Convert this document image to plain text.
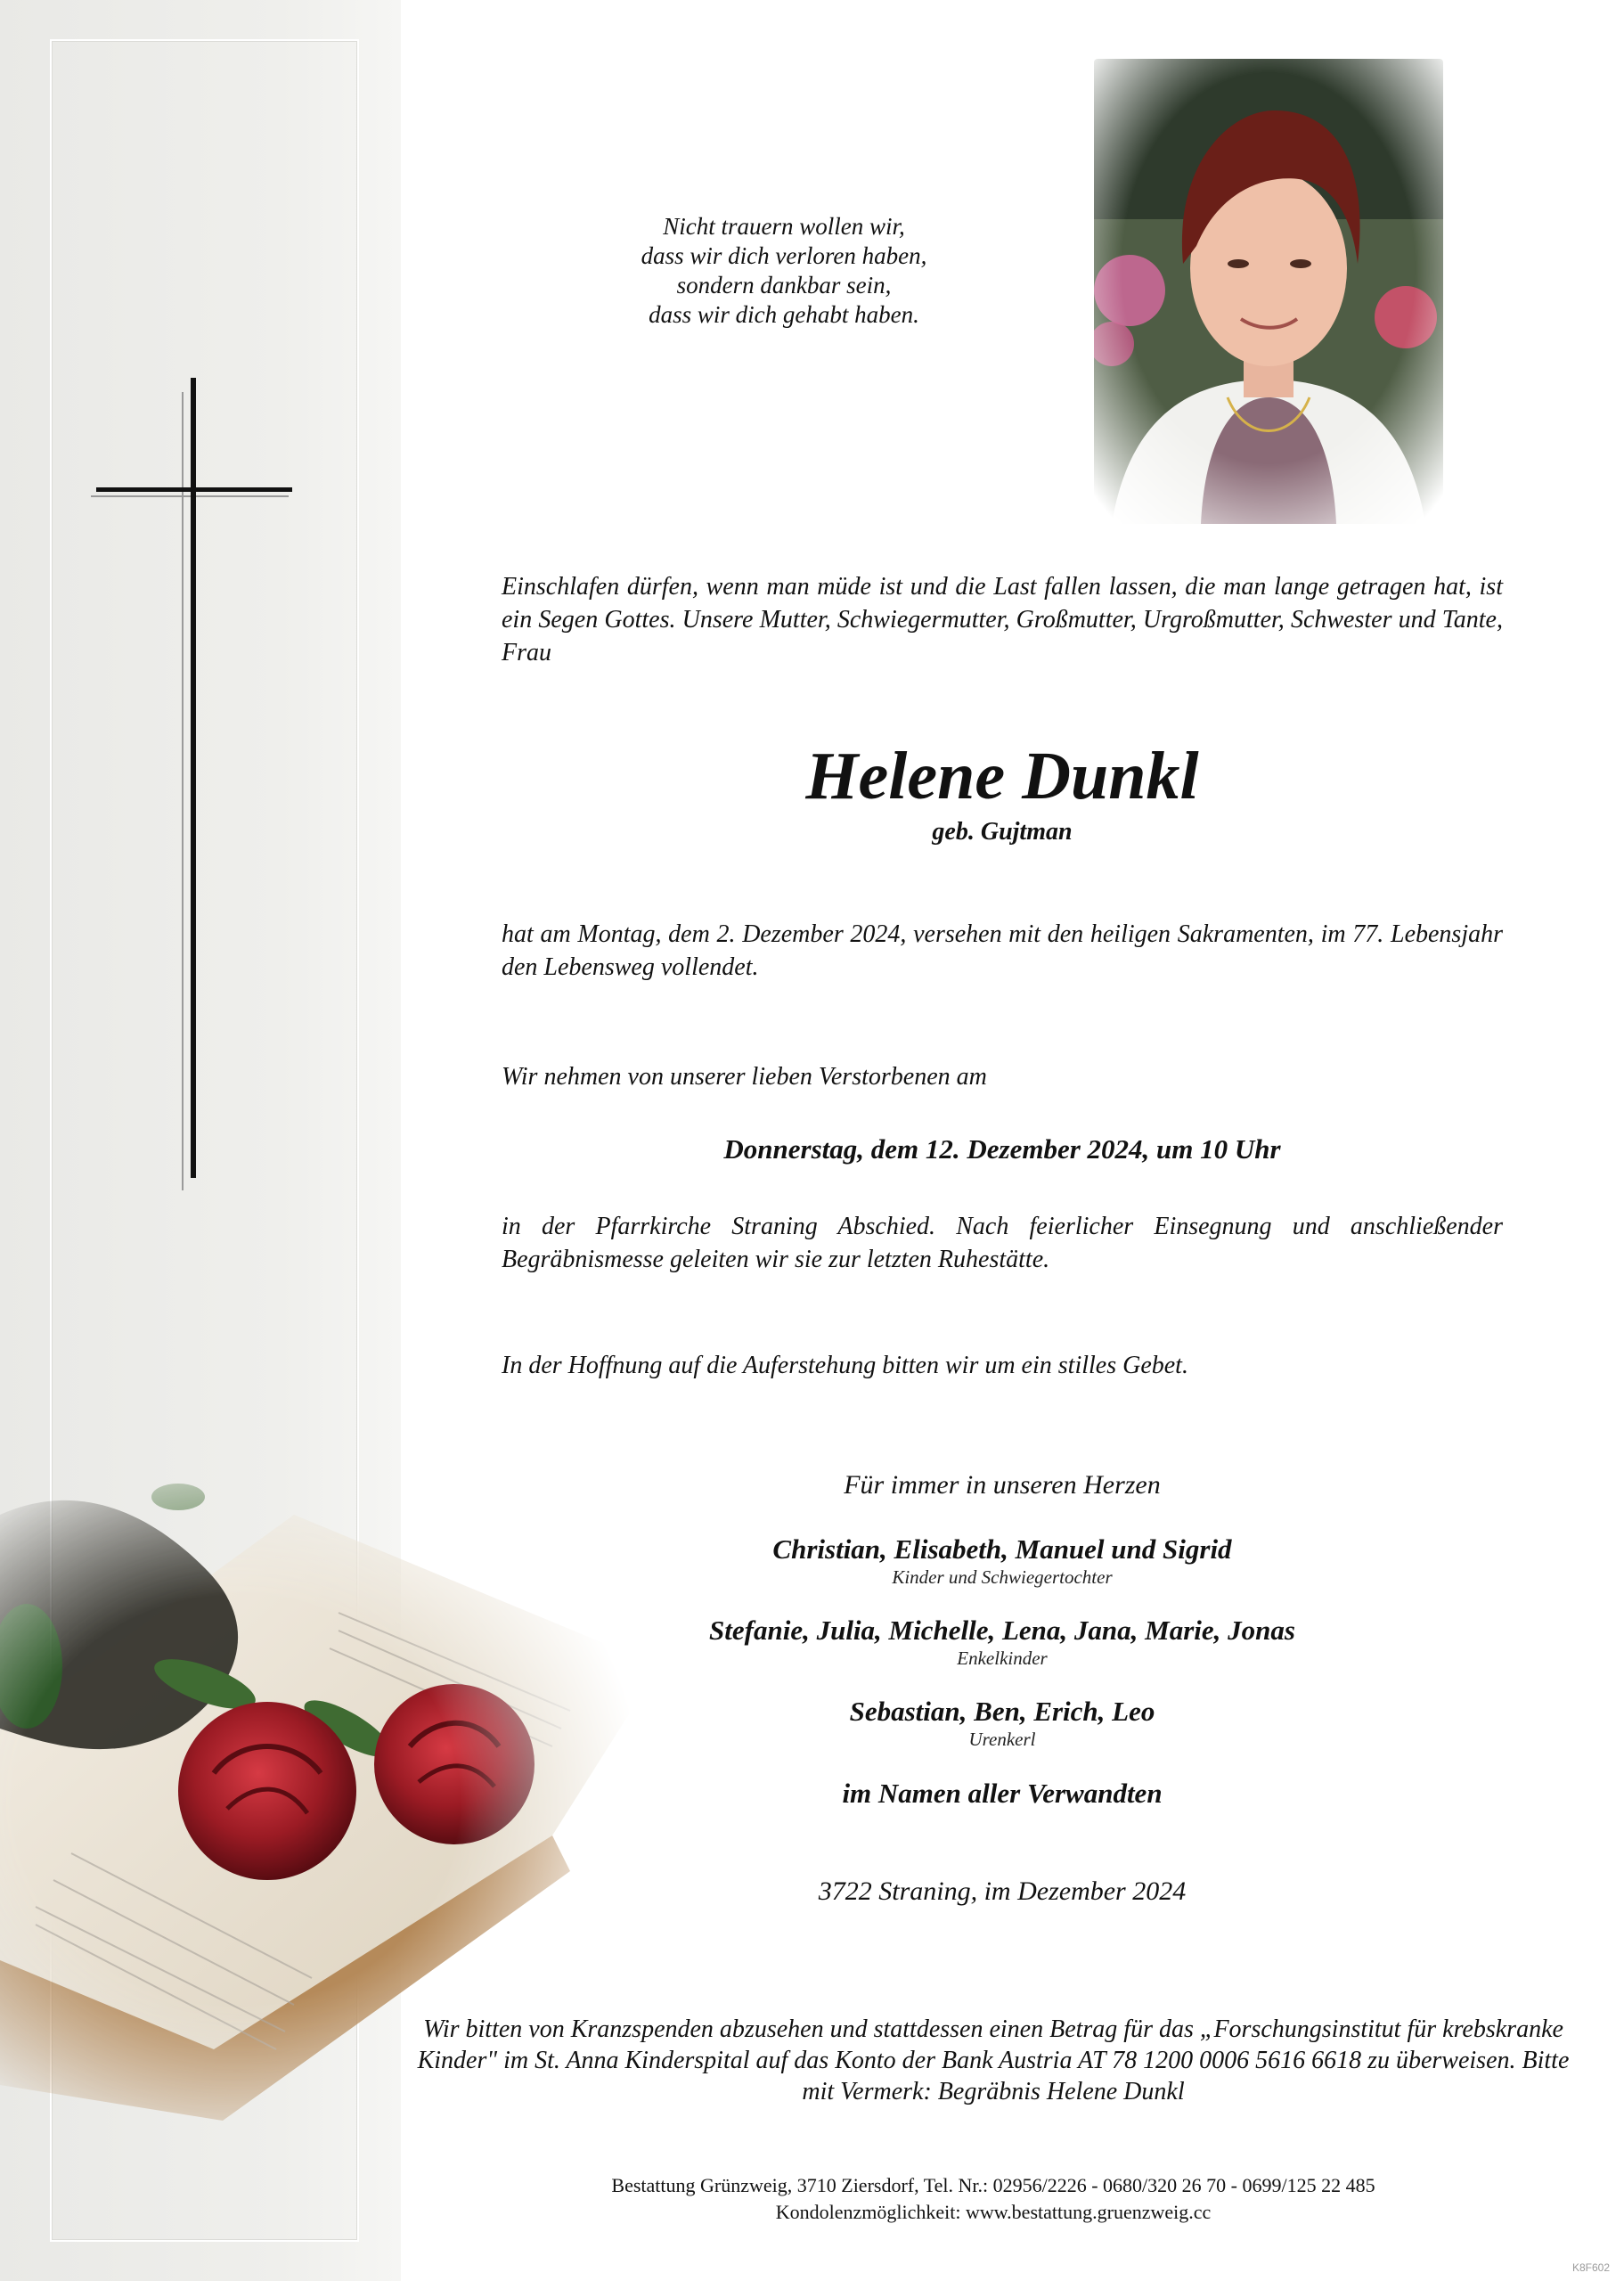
Nicht trauern wollen wir,
dass wir dich verloren haben,
sondern dankbar sein,
dass wir dich gehabt haben.
Einschlafen dürfen, wenn man müde ist und die Last fallen lassen, die man lange getragen hat, ist ein Segen Gottes. Unsere Mutter, Schwiegermutter, Großmutter, Urgroßmutter, Schwester und Tante, Frau
Helene Dunkl
geb. Gujtman
hat am Montag, dem 2. Dezember 2024, versehen mit den heiligen Sakramenten, im 77. Lebensjahr den Lebensweg vollendet.
Wir nehmen von unserer lieben Verstorbenen am
Donnerstag, dem 12. Dezember 2024, um 10 Uhr
in der Pfarrkirche Straning Abschied. Nach feierlicher Einsegnung und anschließender Begräbnismesse geleiten wir sie zur letzten Ruhestätte.
In der Hoffnung auf die Auferstehung bitten wir um ein stilles Gebet.
Für immer in unseren Herzen
Christian, Elisabeth, Manuel und Sigrid
Kinder und Schwiegertochter
Stefanie, Julia, Michelle, Lena, Jana, Marie, Jonas
Enkelkinder
Sebastian, Ben, Erich, Leo
Urenkerl
im Namen aller Verwandten
3722 Straning, im Dezember 2024
Wir bitten von Kranzspenden abzusehen und stattdessen einen Betrag für das „Forschungsinstitut für krebskranke Kinder" im St. Anna Kinderspital auf das Konto der Bank Austria AT 78 1200 0006 5616 6618 zu überweisen. Bitte mit Vermerk: Begräbnis Helene Dunkl
Bestattung Grünzweig, 3710 Ziersdorf, Tel. Nr.: 02956/2226 - 0680/320 26 70 - 0699/125 22 485
Kondolenzmöglichkeit: www.bestattung.gruenzweig.cc
K8F602
